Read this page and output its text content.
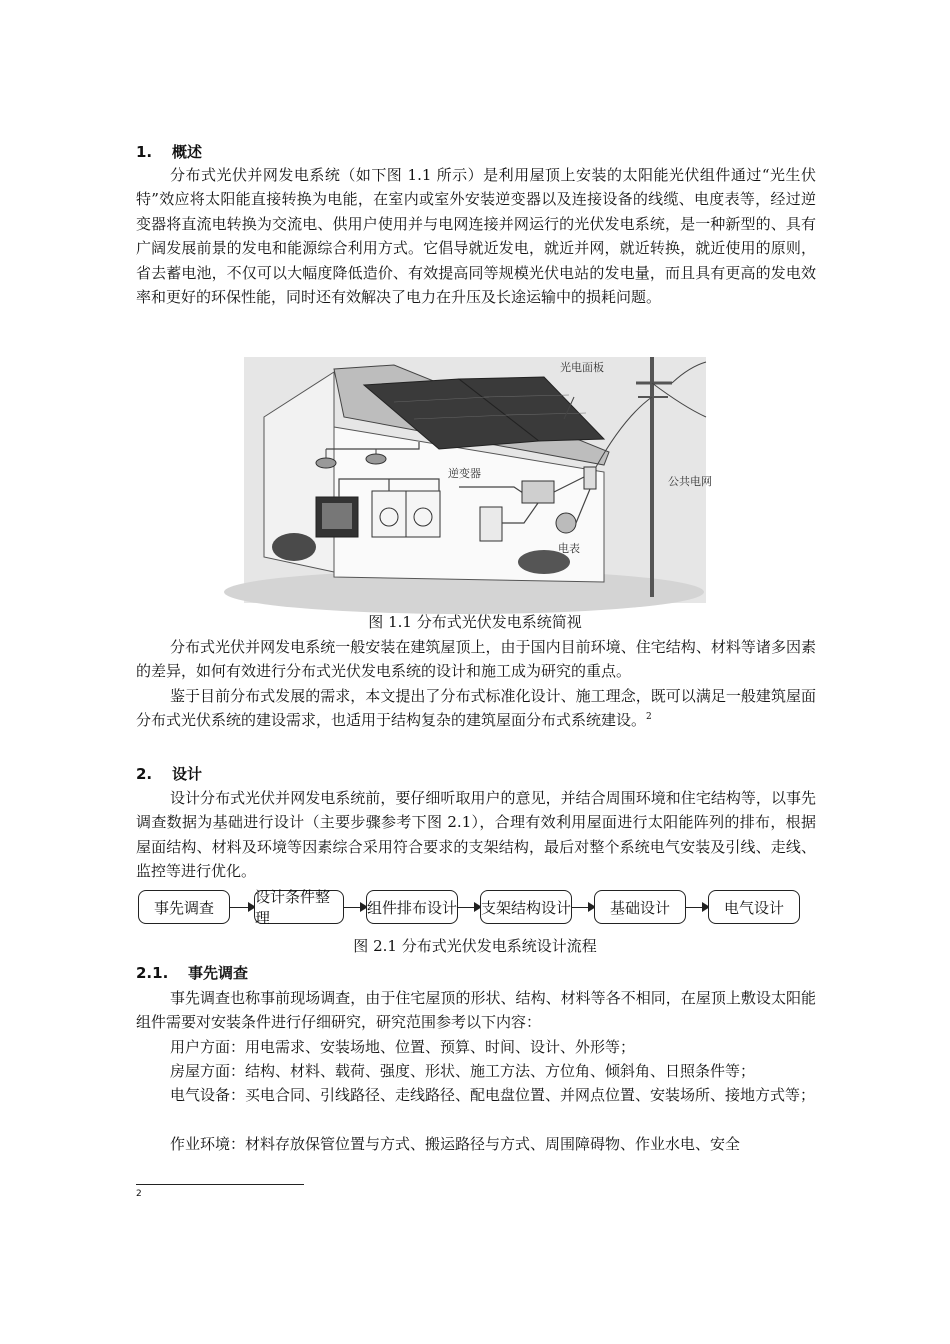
1. 概述

分布式光伏并网发电系统（如下图 1.1 所示）是利用屋顶上安装的太阳能光伏组件通过“光生伏特”效应将太阳能直接转换为电能，在室内或室外安装逆变器以及连接设备的线缆、电度表等，经过逆变器将直流电转换为交流电、供用户使用并与电网连接并网运行的光伏发电系统，是一种新型的、具有广阔发展前景的发电和能源综合利用方式。它倡导就近发电，就近并网，就近转换，就近使用的原则，省去蓄电池，不仅可以大幅度降低造价、有效提高同等规模光伏电站的发电量，而且具有更高的发电效率和更好的环保性能，同时还有效解决了电力在升压及长途运输中的损耗问题。

光电面板
逆变器
公共电网
电表
图 1.1 分布式光伏发电系统简视

分布式光伏并网发电系统一般安装在建筑屋顶上，由于国内目前环境、住宅结构、材料等诸多因素的差异，如何有效进行分布式光伏发电系统的设计和施工成为研究的重点。

鉴于目前分布式发展的需求，本文提出了分布式标准化设计、施工理念，既可以满足一般建筑屋面分布式光伏系统的建设需求，也适用于结构复杂的建筑屋面分布式系统建设。$^2$

2. 设计

设计分布式光伏并网发电系统前，要仔细听取用户的意见，并结合周围环境和住宅结构等，以事先调查数据为基础进行设计（主要步骤参考下图 2.1），合理有效利用屋面进行太阳能阵列的排布，根据屋面结构、材料及环境等因素综合采用符合要求的支架结构，最后对整个系统电气安装及引线、走线、监控等进行优化。

事先调查
设计条件整理
组件排布设计 支架结构设计	基础设计	电气设计
图 2.1 分布式光伏发电系统设计流程
2.1. 事先调查

事先调查也称事前现场调查，由于住宅屋顶的形状、结构、材料等各不相同，在屋顶上敷设太阳能组件需要对安装条件进行仔细研究，研究范围参考以下内容：

用户方面：用电需求、安装场地、位置、预算、时间、设计、外形等；

房屋方面：结构、材料、载荷、强度、形状、施工方法、方位角、倾斜角、日照条件等；

电气设备：买电合同、引线路径、走线路径、配电盘位置、并网点位置、安装场所、接地方式等；

作业环境：材料存放保管位置与方式、搬运路径与方式、周围障碍物、作业水电、安全

2
